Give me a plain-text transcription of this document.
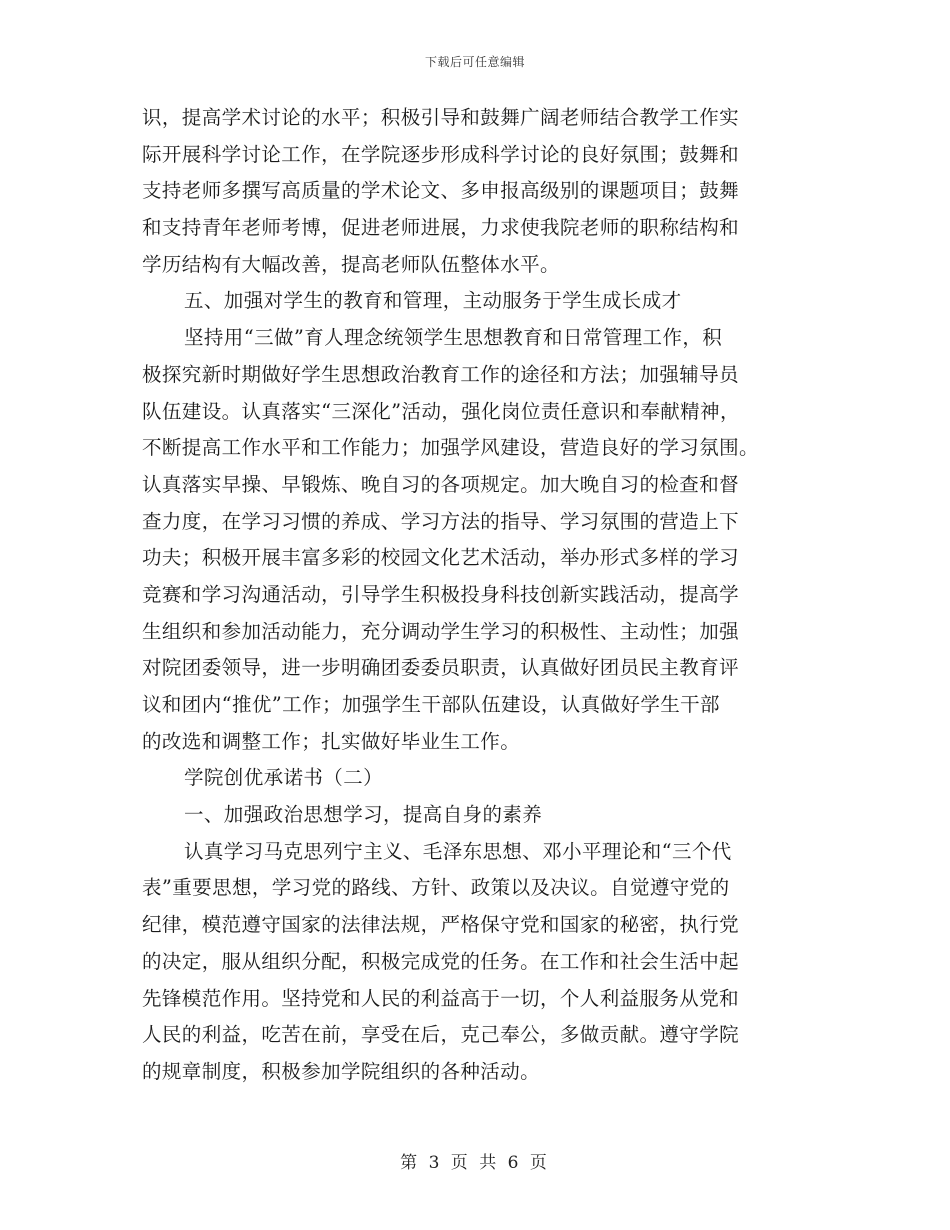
下载后可任意编辑

识，提高学术讨论的水平；积极引导和鼓舞广阔老师结合教学工作实

际开展科学讨论工作，在学院逐步形成科学讨论的良好氛围；鼓舞和

支持老师多撰写高质量的学术论文、多申报高级别的课题项目；鼓舞

和支持青年老师考博，促进老师进展，力求使我院老师的职称结构和

学历结构有大幅改善，提高老师队伍整体水平。

五、加强对学生的教育和管理，主动服务于学生成长成才

坚持用“三做”育人理念统领学生思想教育和日常管理工作，积

极探究新时期做好学生思想政治教育工作的途径和方法；加强辅导员

队伍建设。认真落实“三深化”活动，强化岗位责任意识和奉献精神，

不断提高工作水平和工作能力；加强学风建设，营造良好的学习氛围。

认真落实早操、早锻炼、晚自习的各项规定。加大晚自习的检查和督

查力度，在学习习惯的养成、学习方法的指导、学习氛围的营造上下

功夫；积极开展丰富多彩的校园文化艺术活动，举办形式多样的学习

竞赛和学习沟通活动，引导学生积极投身科技创新实践活动，提高学

生组织和参加活动能力，充分调动学生学习的积极性、主动性；加强

对院团委领导，进一步明确团委委员职责，认真做好团员民主教育评

议和团内“推优”工作；加强学生干部队伍建设，认真做好学生干部

的改选和调整工作；扎实做好毕业生工作。

学院创优承诺书（二）

一、加强政治思想学习，提高自身的素养

认真学习马克思列宁主义、毛泽东思想、邓小平理论和“三个代

表”重要思想，学习党的路线、方针、政策以及决议。自觉遵守党的

纪律，模范遵守国家的法律法规，严格保守党和国家的秘密，执行党

的决定，服从组织分配，积极完成党的任务。在工作和社会生活中起

先锋模范作用。坚持党和人民的利益高于一切，个人利益服务从党和

人民的利益，吃苦在前，享受在后，克己奉公，多做贡献。遵守学院

的规章制度，积极参加学院组织的各种活动。

第 3 页 共 6 页
